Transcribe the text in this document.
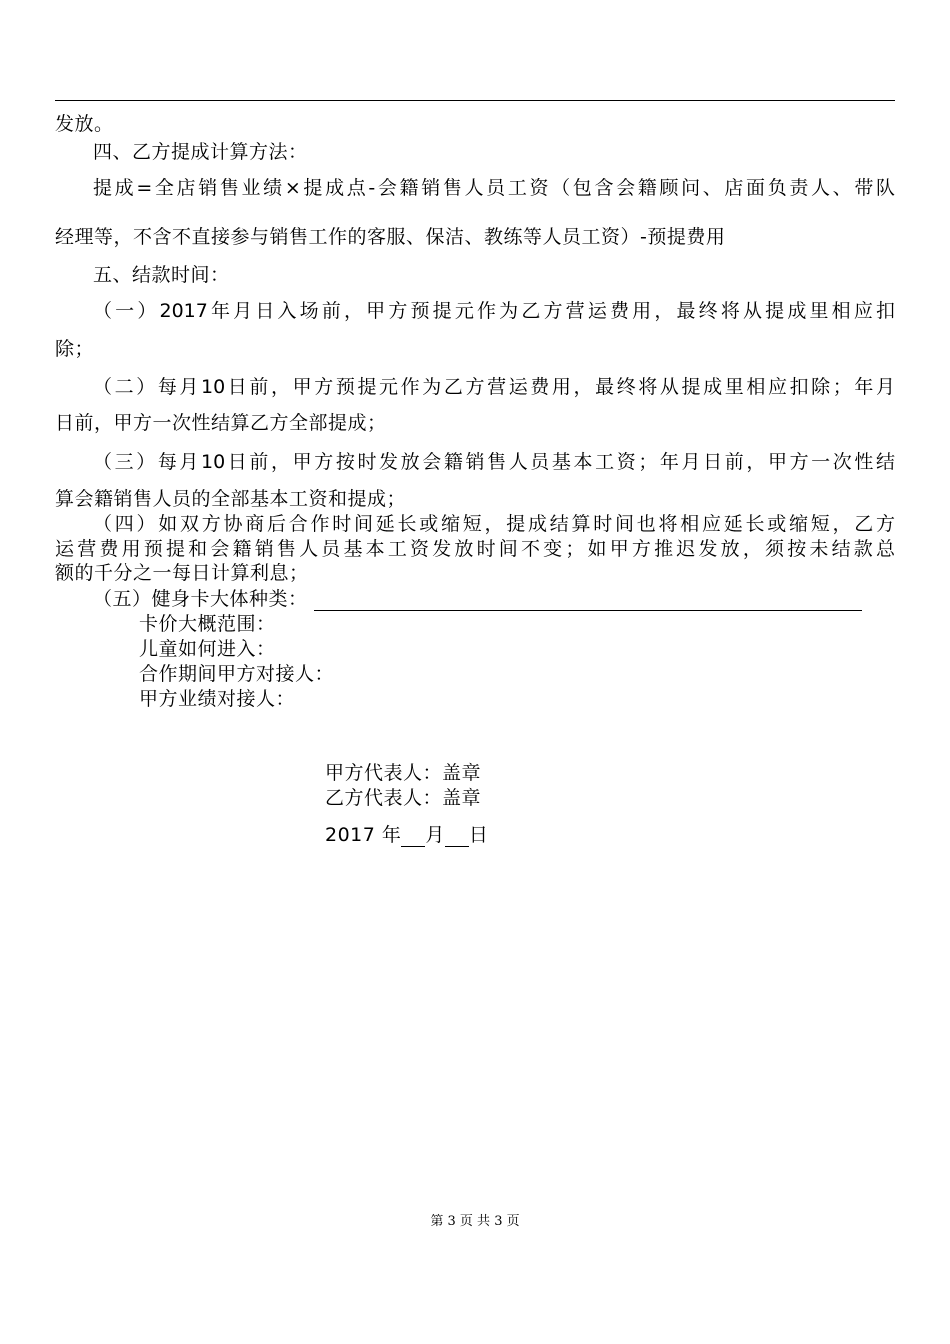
发放。
四、乙方提成计算方法：
提成=全店销售业绩×提成点-会籍销售人员工资（包含会籍顾问、店面负责人、带队
经理等，不含不直接参与销售工作的客服、保洁、教练等人员工资）-预提费用
五、结款时间：
（一）2017年月日入场前，甲方预提元作为乙方营运费用，最终将从提成里相应扣
除；
（二）每月10日前，甲方预提元作为乙方营运费用，最终将从提成里相应扣除；年月
日前，甲方一次性结算乙方全部提成；
（三）每月10日前，甲方按时发放会籍销售人员基本工资；年月日前，甲方一次性结
算会籍销售人员的全部基本工资和提成；
（四）如双方协商后合作时间延长或缩短，提成结算时间也将相应延长或缩短，乙方
运营费用预提和会籍销售人员基本工资发放时间不变；如甲方推迟发放，须按未结款总
额的千分之一每日计算利息；
（五）健身卡大体种类：
卡价大概范围：
儿童如何进入：
合作期间甲方对接人：
甲方业绩对接人：
甲方代表人：盖章
乙方代表人：盖章
2017 年 月 日
第 3 页 共 3 页
